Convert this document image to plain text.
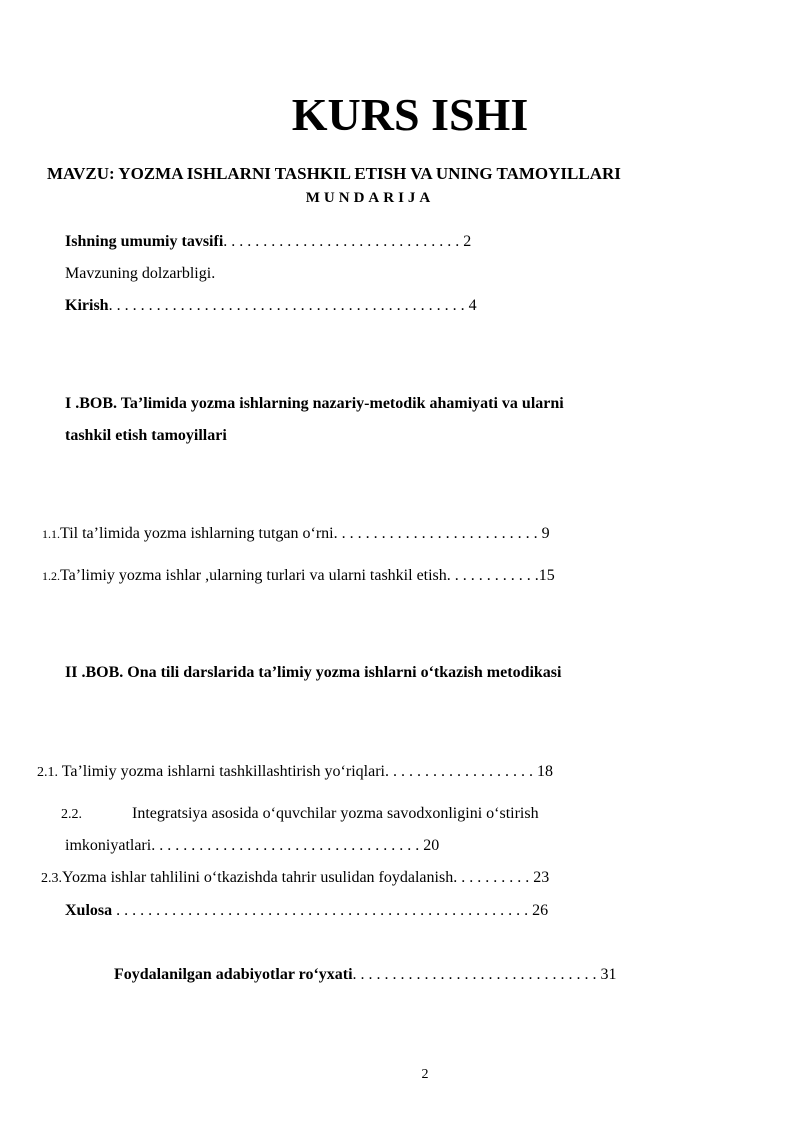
KURS ISHI
MAVZU: YOZMA ISHLARNI TASHKIL ETISH VA UNING TAMOYILLARI
MUNDARIJA
Ishning umumiy tavsifi. . . . . . . . . . . . . . . . . . . . . . . . . . . . . . 2
Mavzuning dolzarbligi.
Kirish. . . . . . . . . . . . . . . . . . . . . . . . . . . . . . . . . . . . . . . . . . . . . 4
I .BOB. Ta’limida yozma ishlarning nazariy-metodik ahamiyati va ularni
tashkil etish tamoyillari
1.1.Til ta’limida yozma ishlarning tutgan o‘rni. . . . . . . . . . . . . . . . . . . . . . . . . . 9
1.2.Ta’limiy yozma ishlar ,ularning turlari va ularni tashkil etish. . . . . . . . . . . .15
II .BOB. Ona tili darslarida ta’limiy yozma ishlarni o‘tkazish metodikasi
2.1. Ta’limiy yozma ishlarni tashkillashtirish yo‘riqlari. . . . . . . . . . . . . . . . . . . 18
2.2.	Integratsiya asosida o‘quvchilar yozma savodxonligini o‘stirish
imkoniyatlari. . . . . . . . . . . . . . . . . . . . . . . . . . . . . . . . . . 20
2.3.Yozma ishlar tahlilini o‘tkazishda tahrir usulidan foydalanish. . . . . . . . . . 23
Xulosa . . . . . . . . . . . . . . . . . . . . . . . . . . . . . . . . . . . . . . . . . . . . . . . . . . . . 26
Foydalanilgan adabiyotlar ro‘yxati. . . . . . . . . . . . . . . . . . . . . . . . . . . . . . . 31
2
